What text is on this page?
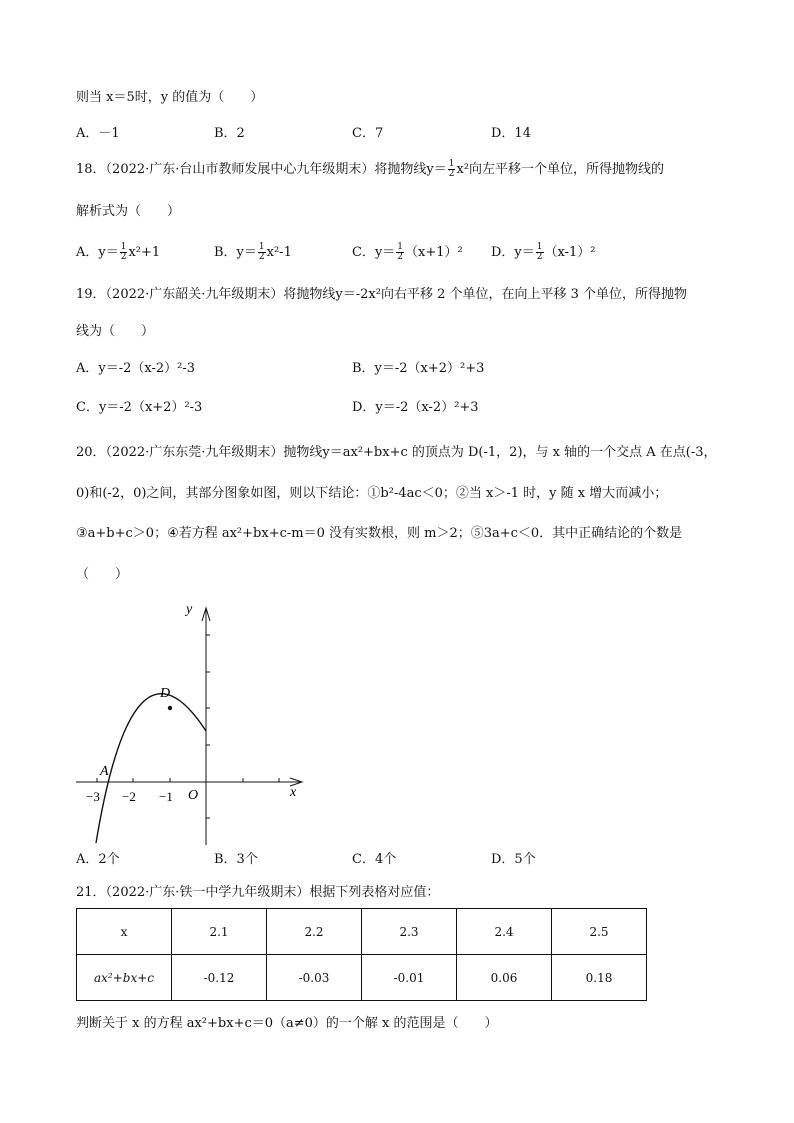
则当 x＝5时，y 的值为（　　）
A．－1	B．2	C．7	D．14
18．（2022·广东·台山市教师发展中心九年级期末）将抛物线$y= \frac{1}{2} x^2$向左平移一个单位，所得抛物线的
解析式为（　　）
A．$y= \frac{1}{2} x^2+1$	B．$y= \frac{1}{2} x^2-1$	C．$y= \frac{1}{2} (x+1)^2$ D．$y= \frac{1}{2} (x-1)^2$
19．（2022·广东韶关·九年级期末）将抛物线y＝-2x²向右平移 2 个单位，在向上平移 3 个单位，所得抛物
线为（　　）
A．y＝-2（x-2）²-3	B．y＝-2（x+2）²+3
C．y＝-2（x+2）²-3	D．y＝-2（x-2）²+3
20．（2022·广东东莞·九年级期末）抛物线y＝ax²+bx+c 的顶点为 D(-1，2)，与 x 轴的一个交点 A 在点(-3，
0)和(-2，0)之间，其部分图象如图，则以下结论：①b²-4ac＜0；②当 x＞-1 时，y 随 x 增大而减小；
③a+b+c＞0；④若方程 ax²+bx+c-m＝0 没有实数根，则 m＞2；⑤3a+c＜0．其中正确结论的个数是
（　　）
y
x
D
A
O
−3 −2 −1
A．2个	B．3个	C．4个	D．5个
21．（2022·广东·铁一中学九年级期末）根据下列表格对应值：
x	2.1	2.2	2.3	2.4	2.5
ax²+bx+c	-0.12	-0.03	-0.01	0.06	0.18
判断关于 x 的方程 ax²+bx+c＝0（a≠0）的一个解 x 的范围是（　　）
